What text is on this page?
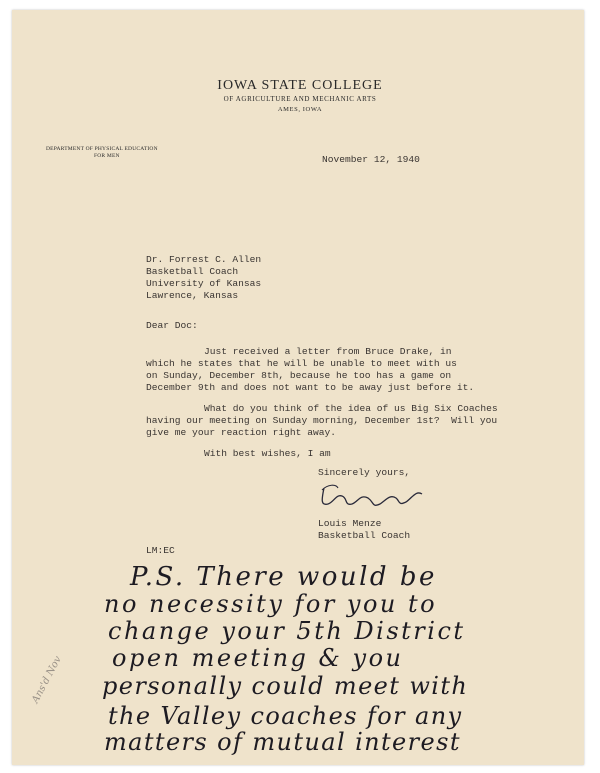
IOWA STATE COLLEGE
OF AGRICULTURE AND MECHANIC ARTS
AMES, IOWA
DEPARTMENT OF PHYSICAL EDUCATION
FOR MEN	November 12, 1940
Dr. Forrest C. Allen
Basketball Coach
University of Kansas
Lawrence, Kansas
Dear Doc:
Just received a letter from Bruce Drake, in
which he states that he will be unable to meet with us
on Sunday, December 8th, because he too has a game on
December 9th and does not want to be away just before it.
What do you think of the idea of us Big Six Coaches
having our meeting on Sunday morning, December 1st?  Will you
give me your reaction right away.
With best wishes, I am
Sincerely yours,
Louis Menze
Basketball Coach
LM:EC
P.S. There would be
no necessity for you to
change your 5th District
open meeting & you
personally could meet with
the Valley coaches for any
matters of mutual interest
Ans'd Nov
